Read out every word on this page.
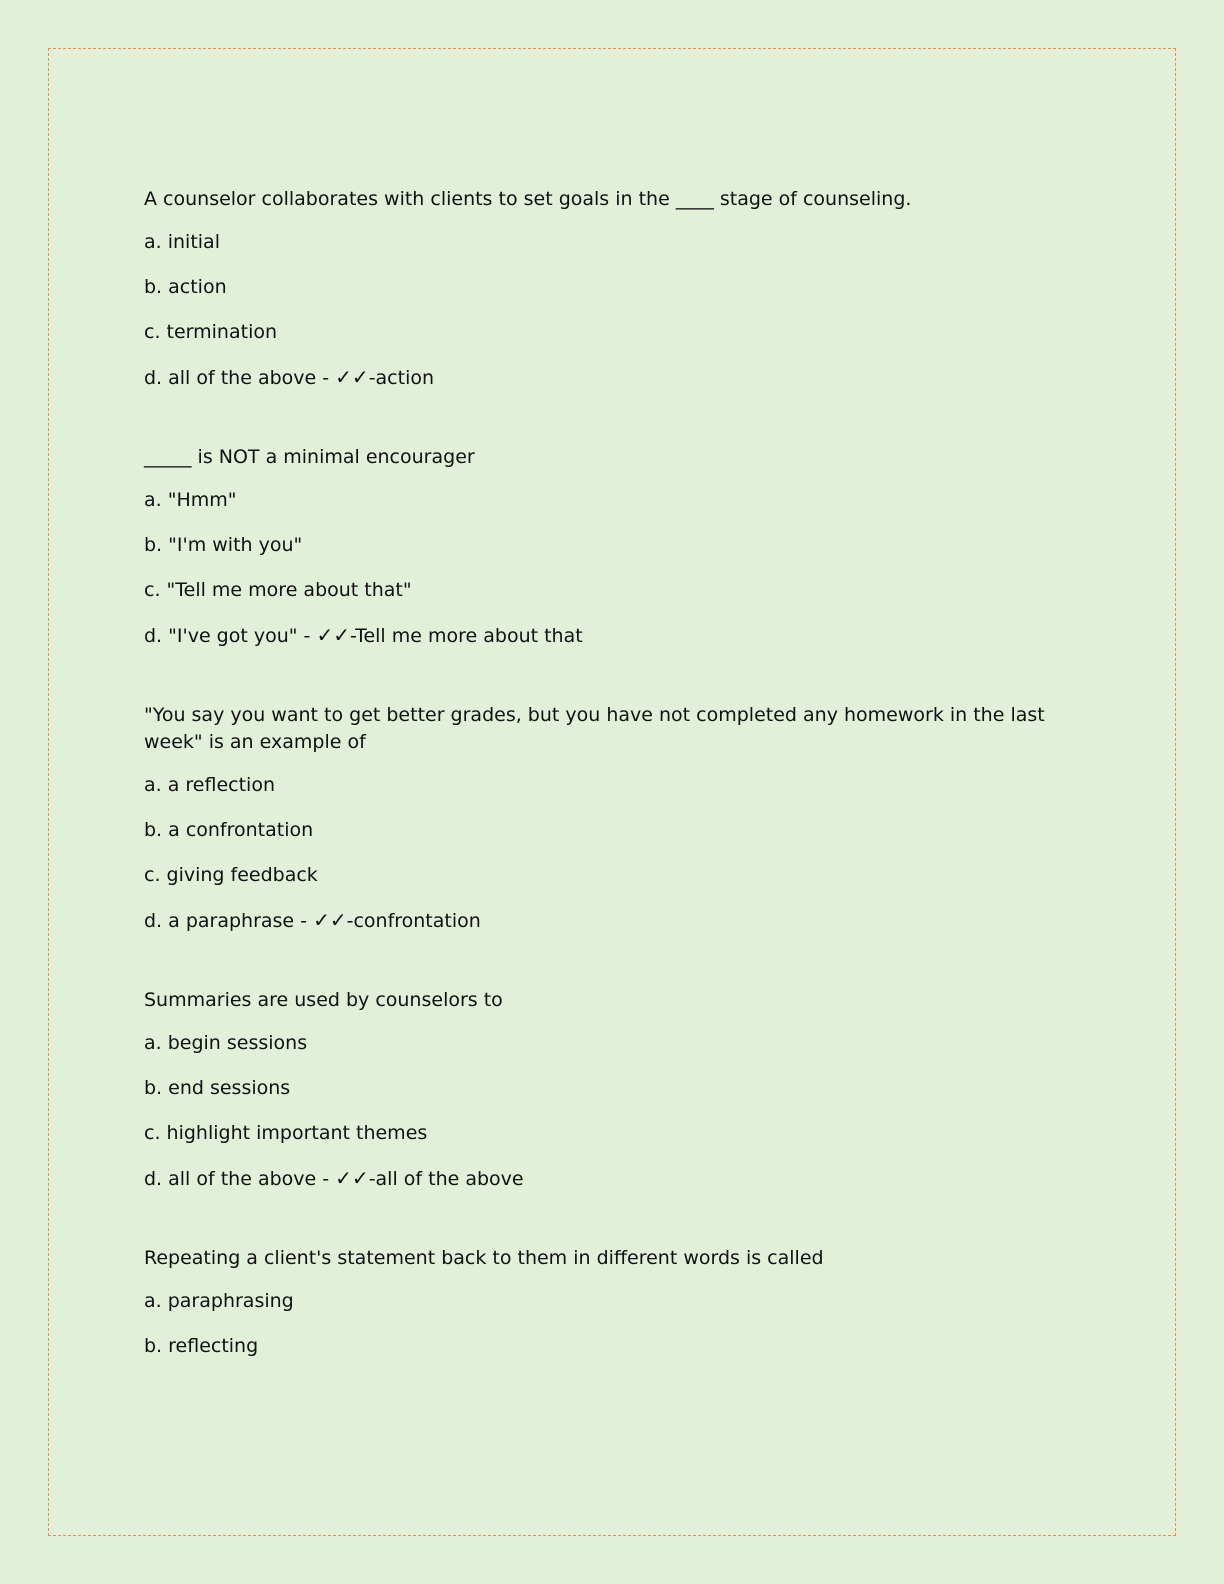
A counselor collaborates with clients to set goals in the ____ stage of counseling.

a. initial

b. action

c. termination

d. all of the above - ✓✓-action

_____ is NOT a minimal encourager

a. "Hmm"

b. "I'm with you"

c. "Tell me more about that"

d. "I've got you" - ✓✓-Tell me more about that

"You say you want to get better grades, but you have not completed any homework in the last week" is an example of

a. a reflection

b. a confrontation

c. giving feedback

d. a paraphrase - ✓✓-confrontation

Summaries are used by counselors to

a. begin sessions

b. end sessions

c. highlight important themes

d. all of the above - ✓✓-all of the above

Repeating a client's statement back to them in different words is called

a. paraphrasing

b. reflecting
